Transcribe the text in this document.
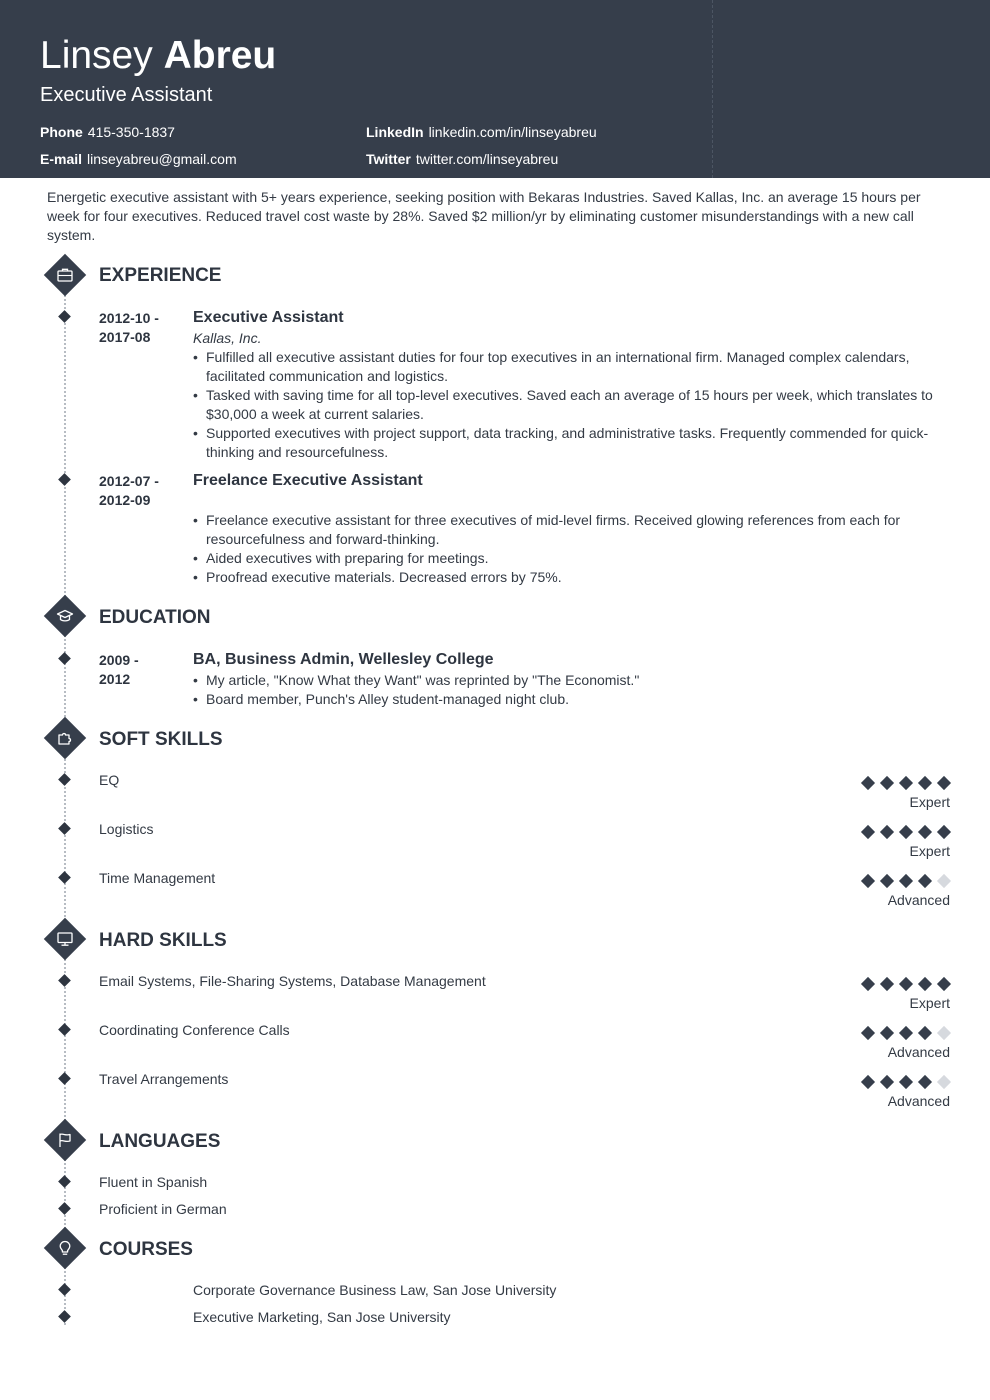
Linsey Abreu
Executive Assistant
Phone 415-350-1837
E-mail linseyabreu@gmail.com
LinkedIn linkedin.com/in/linseyabreu
Twitter twitter.com/linseyabreu
Energetic executive assistant with 5+ years experience, seeking position with Bekaras Industries. Saved Kallas, Inc. an average 15 hours per week for four executives. Reduced travel cost waste by 28%. Saved $2 million/yr by eliminating customer misunderstandings with a new call system.
EXPERIENCE
2012-10 -
2017-08
Executive Assistant
Kallas, Inc.
• Fulfilled all executive assistant duties for four top executives in an international firm. Managed complex calendars, facilitated communication and logistics.
• Tasked with saving time for all top-level executives. Saved each an average of 15 hours per week, which translates to $30,000 a week at current salaries.
• Supported executives with project support, data tracking, and administrative tasks. Frequently commended for quick-thinking and resourcefulness.
2012-07 -
2012-09
Freelance Executive Assistant
• Freelance executive assistant for three executives of mid-level firms. Received glowing references from each for resourcefulness and forward-thinking.
• Aided executives with preparing for meetings.
• Proofread executive materials. Decreased errors by 75%.
EDUCATION
2009 -
2012
BA, Business Admin, Wellesley College
• My article, "Know What they Want" was reprinted by "The Economist."
• Board member, Punch's Alley student-managed night club.
SOFT SKILLS
EQ
Expert
Logistics
Expert
Time Management
Advanced
HARD SKILLS
Email Systems, File-Sharing Systems, Database Management
Expert
Coordinating Conference Calls
Advanced
Travel Arrangements
Advanced
LANGUAGES
Fluent in Spanish
Proficient in German
COURSES
Corporate Governance Business Law, San Jose University
Executive Marketing, San Jose University
